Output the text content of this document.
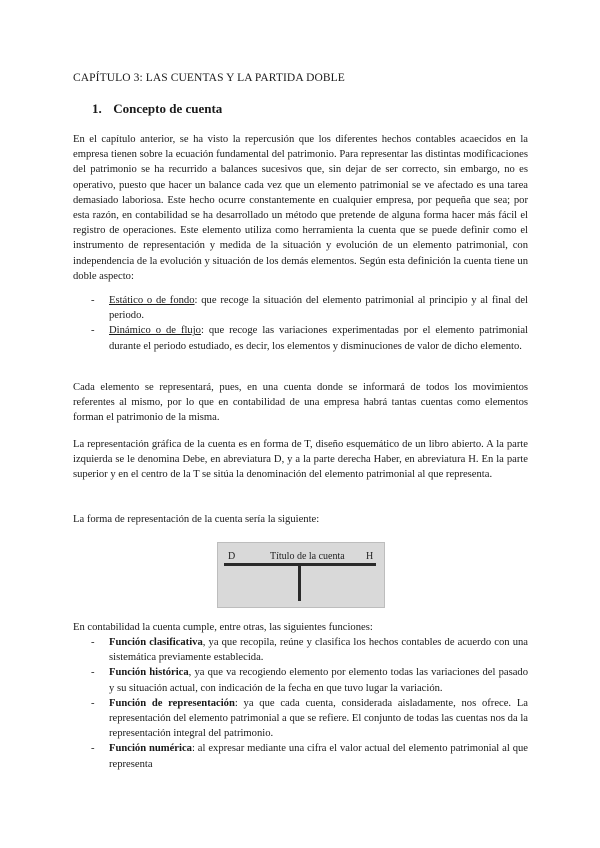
CAPÍTULO 3: LAS CUENTAS Y LA PARTIDA DOBLE
1. Concepto de cuenta

En el capítulo anterior, se ha visto la repercusión que los diferentes hechos contables acaecidos en la empresa tienen sobre la ecuación fundamental del patrimonio. Para representar las distintas modificaciones del patrimonio se ha recurrido a balances sucesivos que, sin dejar de ser correcto, sin embargo, no es operativo, puesto que hacer un balance cada vez que un elemento patrimonial se ve afectado es una tarea demasiado laboriosa. Este hecho ocurre constantemente en cualquier empresa, por pequeña que sea; por esta razón, en contabilidad se ha desarrollado un método que pretende de alguna forma hacer más fácil el registro de operaciones. Este elemento utiliza como herramienta la cuenta que se puede definir como el instrumento de representación y medida de la situación y evolución de un elemento patrimonial, con independencia de la evolución y situación de los demás elementos. Según esta definición la cuenta tiene un doble aspecto:

- Estático o de fondo: que recoge la situación del elemento patrimonial al principio y al final del periodo.
- Dinámico o de flujo: que recoge las variaciones experimentadas por el elemento patrimonial durante el periodo estudiado, es decir, los elementos y disminuciones de valor de dicho elemento.

Cada elemento se representará, pues, en una cuenta donde se informará de todos los movimientos referentes al mismo, por lo que en contabilidad de una empresa habrá tantas cuentas como elementos forman el patrimonio de la misma.

La representación gráfica de la cuenta es en forma de T, diseño esquemático de un libro abierto. A la parte izquierda se le denomina Debe, en abreviatura D, y a la parte derecha Haber, en abreviatura H. En la parte superior y en el centro de la T se sitúa la denominación del elemento patrimonial al que representa.

La forma de representación de la cuenta sería la siguiente:

D	Título de la cuenta H

En contabilidad la cuenta cumple, entre otras, las siguientes funciones:

- Función clasificativa, ya que recopila, reúne y clasifica los hechos contables de acuerdo con una sistemática previamente establecida.
- Función histórica, ya que va recogiendo elemento por elemento todas las variaciones del pasado y su situación actual, con indicación de la fecha en que tuvo lugar la variación.
- Función de representación: ya que cada cuenta, considerada aisladamente, nos ofrece. La representación del elemento patrimonial a que se refiere. El conjunto de todas las cuentas nos da la representación integral del patrimonio.
- Función numérica: al expresar mediante una cifra el valor actual del elemento patrimonial al que representa
